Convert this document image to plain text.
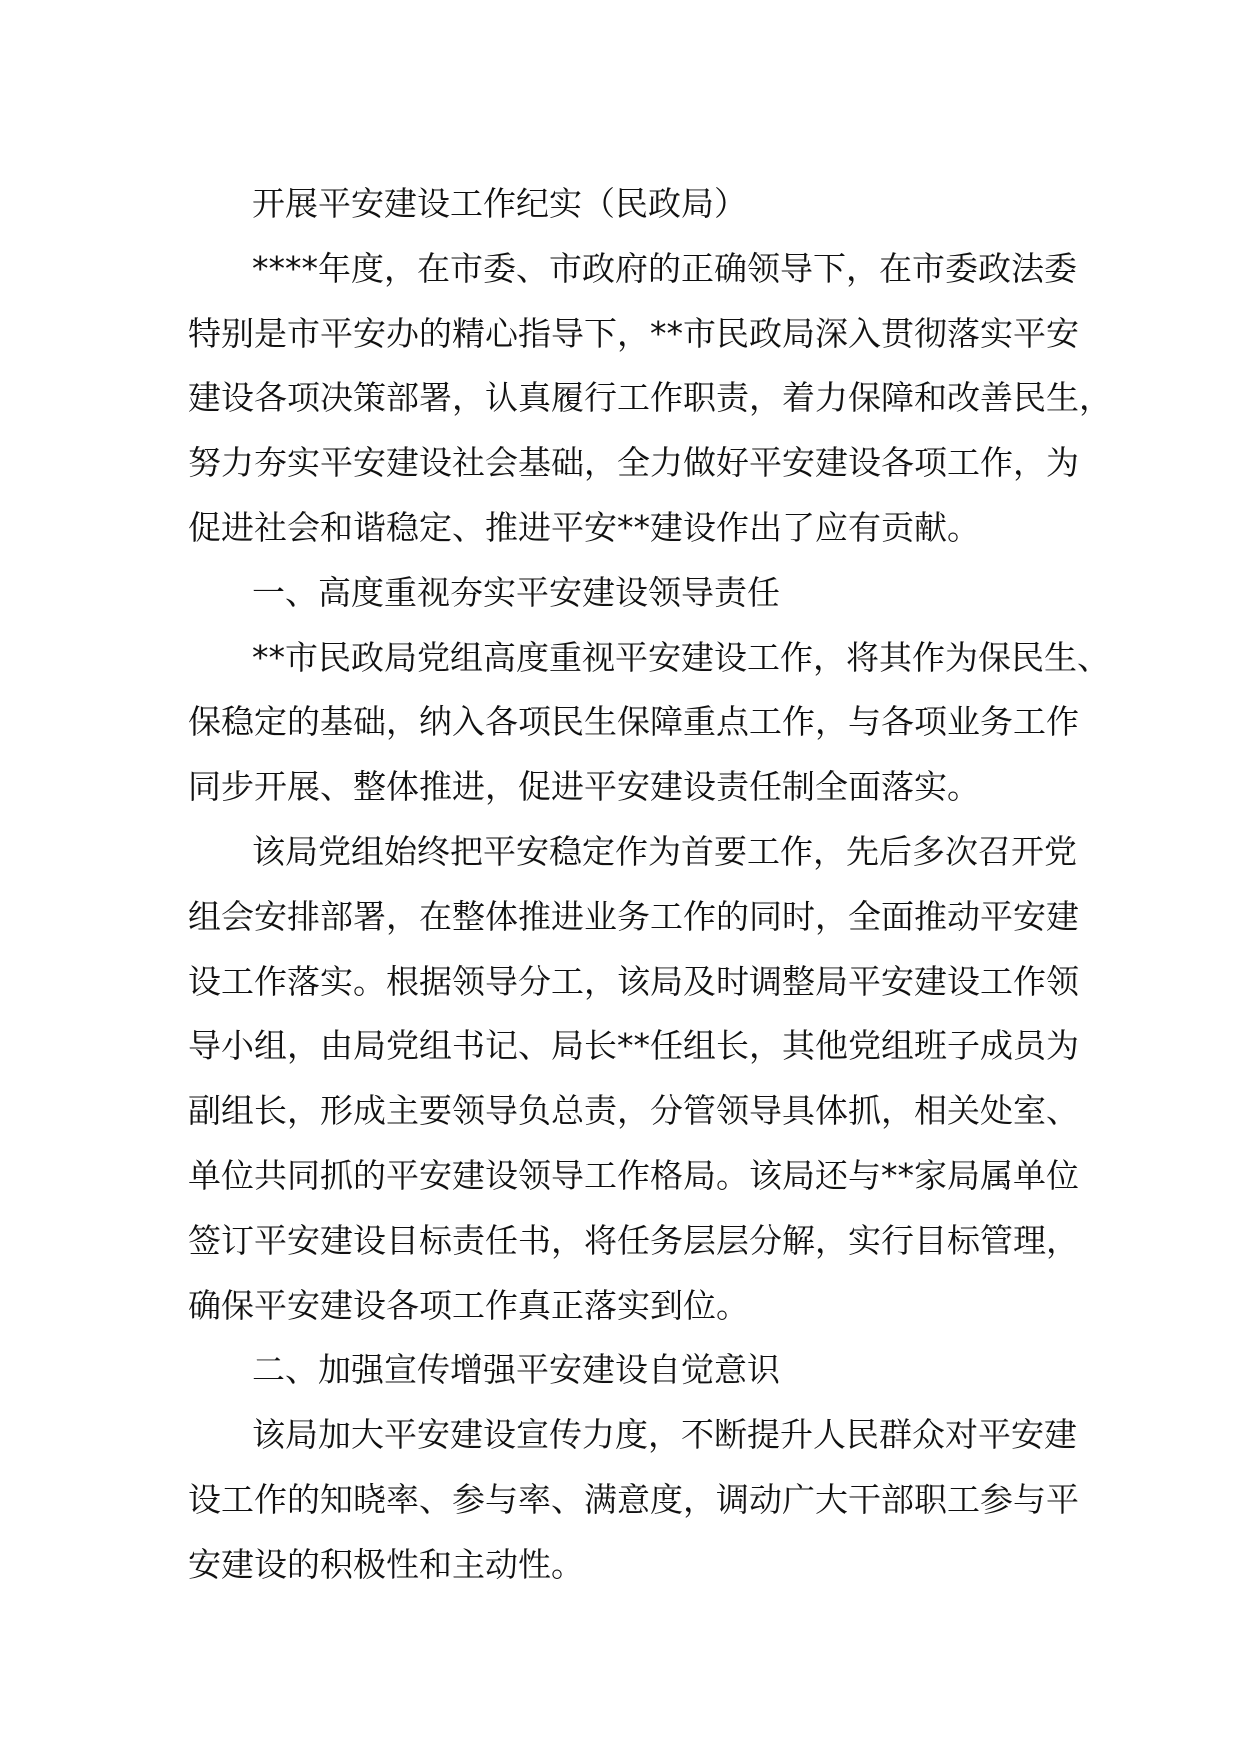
开展平安建设工作纪实（民政局）
****年度，在市委、市政府的正确领导下，在市委政法委
特别是市平安办的精心指导下，**市民政局深入贯彻落实平安
建设各项决策部署，认真履行工作职责，着力保障和改善民生，
努力夯实平安建设社会基础，全力做好平安建设各项工作，为
促进社会和谐稳定、推进平安**建设作出了应有贡献。
一、高度重视夯实平安建设领导责任
**市民政局党组高度重视平安建设工作，将其作为保民生、
保稳定的基础，纳入各项民生保障重点工作，与各项业务工作
同步开展、整体推进，促进平安建设责任制全面落实。
该局党组始终把平安稳定作为首要工作，先后多次召开党
组会安排部署，在整体推进业务工作的同时，全面推动平安建
设工作落实。根据领导分工，该局及时调整局平安建设工作领
导小组，由局党组书记、局长**任组长，其他党组班子成员为
副组长，形成主要领导负总责，分管领导具体抓，相关处室、
单位共同抓的平安建设领导工作格局。该局还与**家局属单位
签订平安建设目标责任书，将任务层层分解，实行目标管理，
确保平安建设各项工作真正落实到位。
二、加强宣传增强平安建设自觉意识
该局加大平安建设宣传力度，不断提升人民群众对平安建
设工作的知晓率、参与率、满意度，调动广大干部职工参与平
安建设的积极性和主动性。
